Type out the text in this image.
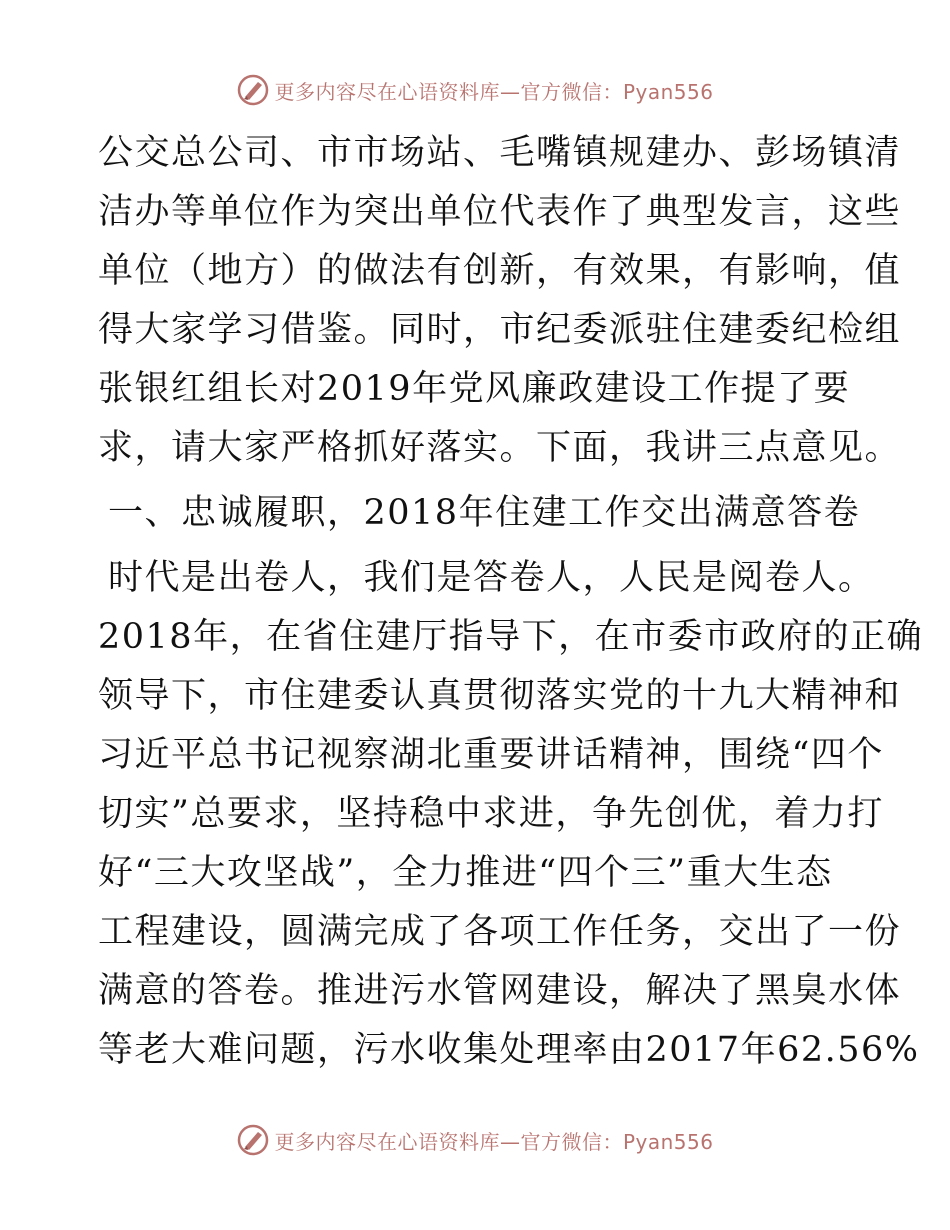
更多内容尽在心语资料库—官方微信：Pyan556
公交总公司、市市场站、毛嘴镇规建办、彭场镇清
洁办等单位作为突出单位代表作了典型发言，这些
单位（地方）的做法有创新，有效果，有影响，值
得大家学习借鉴。同时，市纪委派驻住建委纪检组
张银红组长对2019年党风廉政建设工作提了要
求，请大家严格抓好落实。下面，我讲三点意见。
一、忠诚履职，2018年住建工作交出满意答卷
时代是出卷人，我们是答卷人，人民是阅卷人。
2018年，在省住建厅指导下，在市委市政府的正确
领导下，市住建委认真贯彻落实党的十九大精神和
习近平总书记视察湖北重要讲话精神，围绕“四个
切实”总要求，坚持稳中求进，争先创优，着力打
好“三大攻坚战”，全力推进“四个三”重大生态
工程建设，圆满完成了各项工作任务，交出了一份
满意的答卷。推进污水管网建设，解决了黑臭水体
等老大难问题，污水收集处理率由2017年62.56%
更多内容尽在心语资料库—官方微信：Pyan556
